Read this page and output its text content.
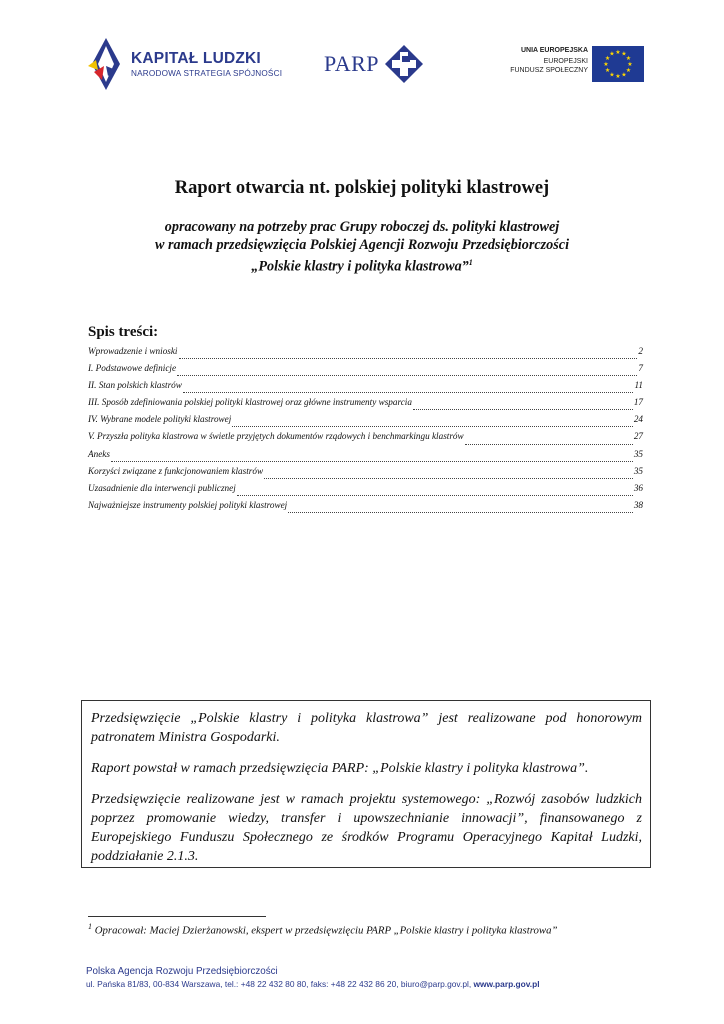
KAPITAŁ LUDZKI
NARODOWA STRATEGIA SPÓJNOŚCI PARP
UNIA EUROPEJSKA
EUROPEJSKI
FUNDUSZ SPOŁECZNY
★ ★
★
★
★
★
★
★
★
★
★
★
Raport otwarcia nt. polskiej polityki klastrowej
opracowany na potrzeby prac Grupy roboczej ds. polityki klastrowej
w ramach przedsięwzięcia Polskiej Agencji Rozwoju Przedsiębiorczości
„Polskie klastry i polityka klastrowa”$^1$
Spis treści:
Wprowadzenie i wnioski	2
I. Podstawowe definicje	7
II. Stan polskich klastrów	11
III. Sposób zdefiniowania polskiej polityki klastrowej oraz główne instrumenty wsparcia	17
IV. Wybrane modele polityki klastrowej	24
V. Przyszła polityka klastrowa w świetle przyjętych dokumentów rządowych i benchmarkingu klastrów	27
Aneks	35
Korzyści związane z funkcjonowaniem klastrów	35
Uzasadnienie dla interwencji publicznej	36
Najważniejsze instrumenty polskiej polityki klastrowej	38

Przedsięwzięcie „Polskie klastry i polityka klastrowa” jest realizowane pod honorowym patronatem Ministra Gospodarki.

Raport powstał w ramach przedsięwzięcia PARP: „Polskie klastry i polityka klastrowa”.

Przedsięwzięcie realizowane jest w ramach projektu systemowego: „Rozwój zasobów ludzkich poprzez promowanie wiedzy, transfer i upowszechnianie innowacji”, finansowanego z Europejskiego Funduszu Społecznego ze środków Programu Operacyjnego Kapitał Ludzki, poddziałanie 2.1.3.

$^1$ Opracował: Maciej Dzierżanowski, ekspert w przedsięwzięciu PARP „Polskie klastry i polityka klastrowa”
Polska Agencja Rozwoju Przedsiębiorczości
ul. Pańska 81/83, 00-834 Warszawa, tel.: +48 22 432 80 80, faks: +48 22 432 86 20, biuro@parp.gov.pl, www.parp.gov.pl
